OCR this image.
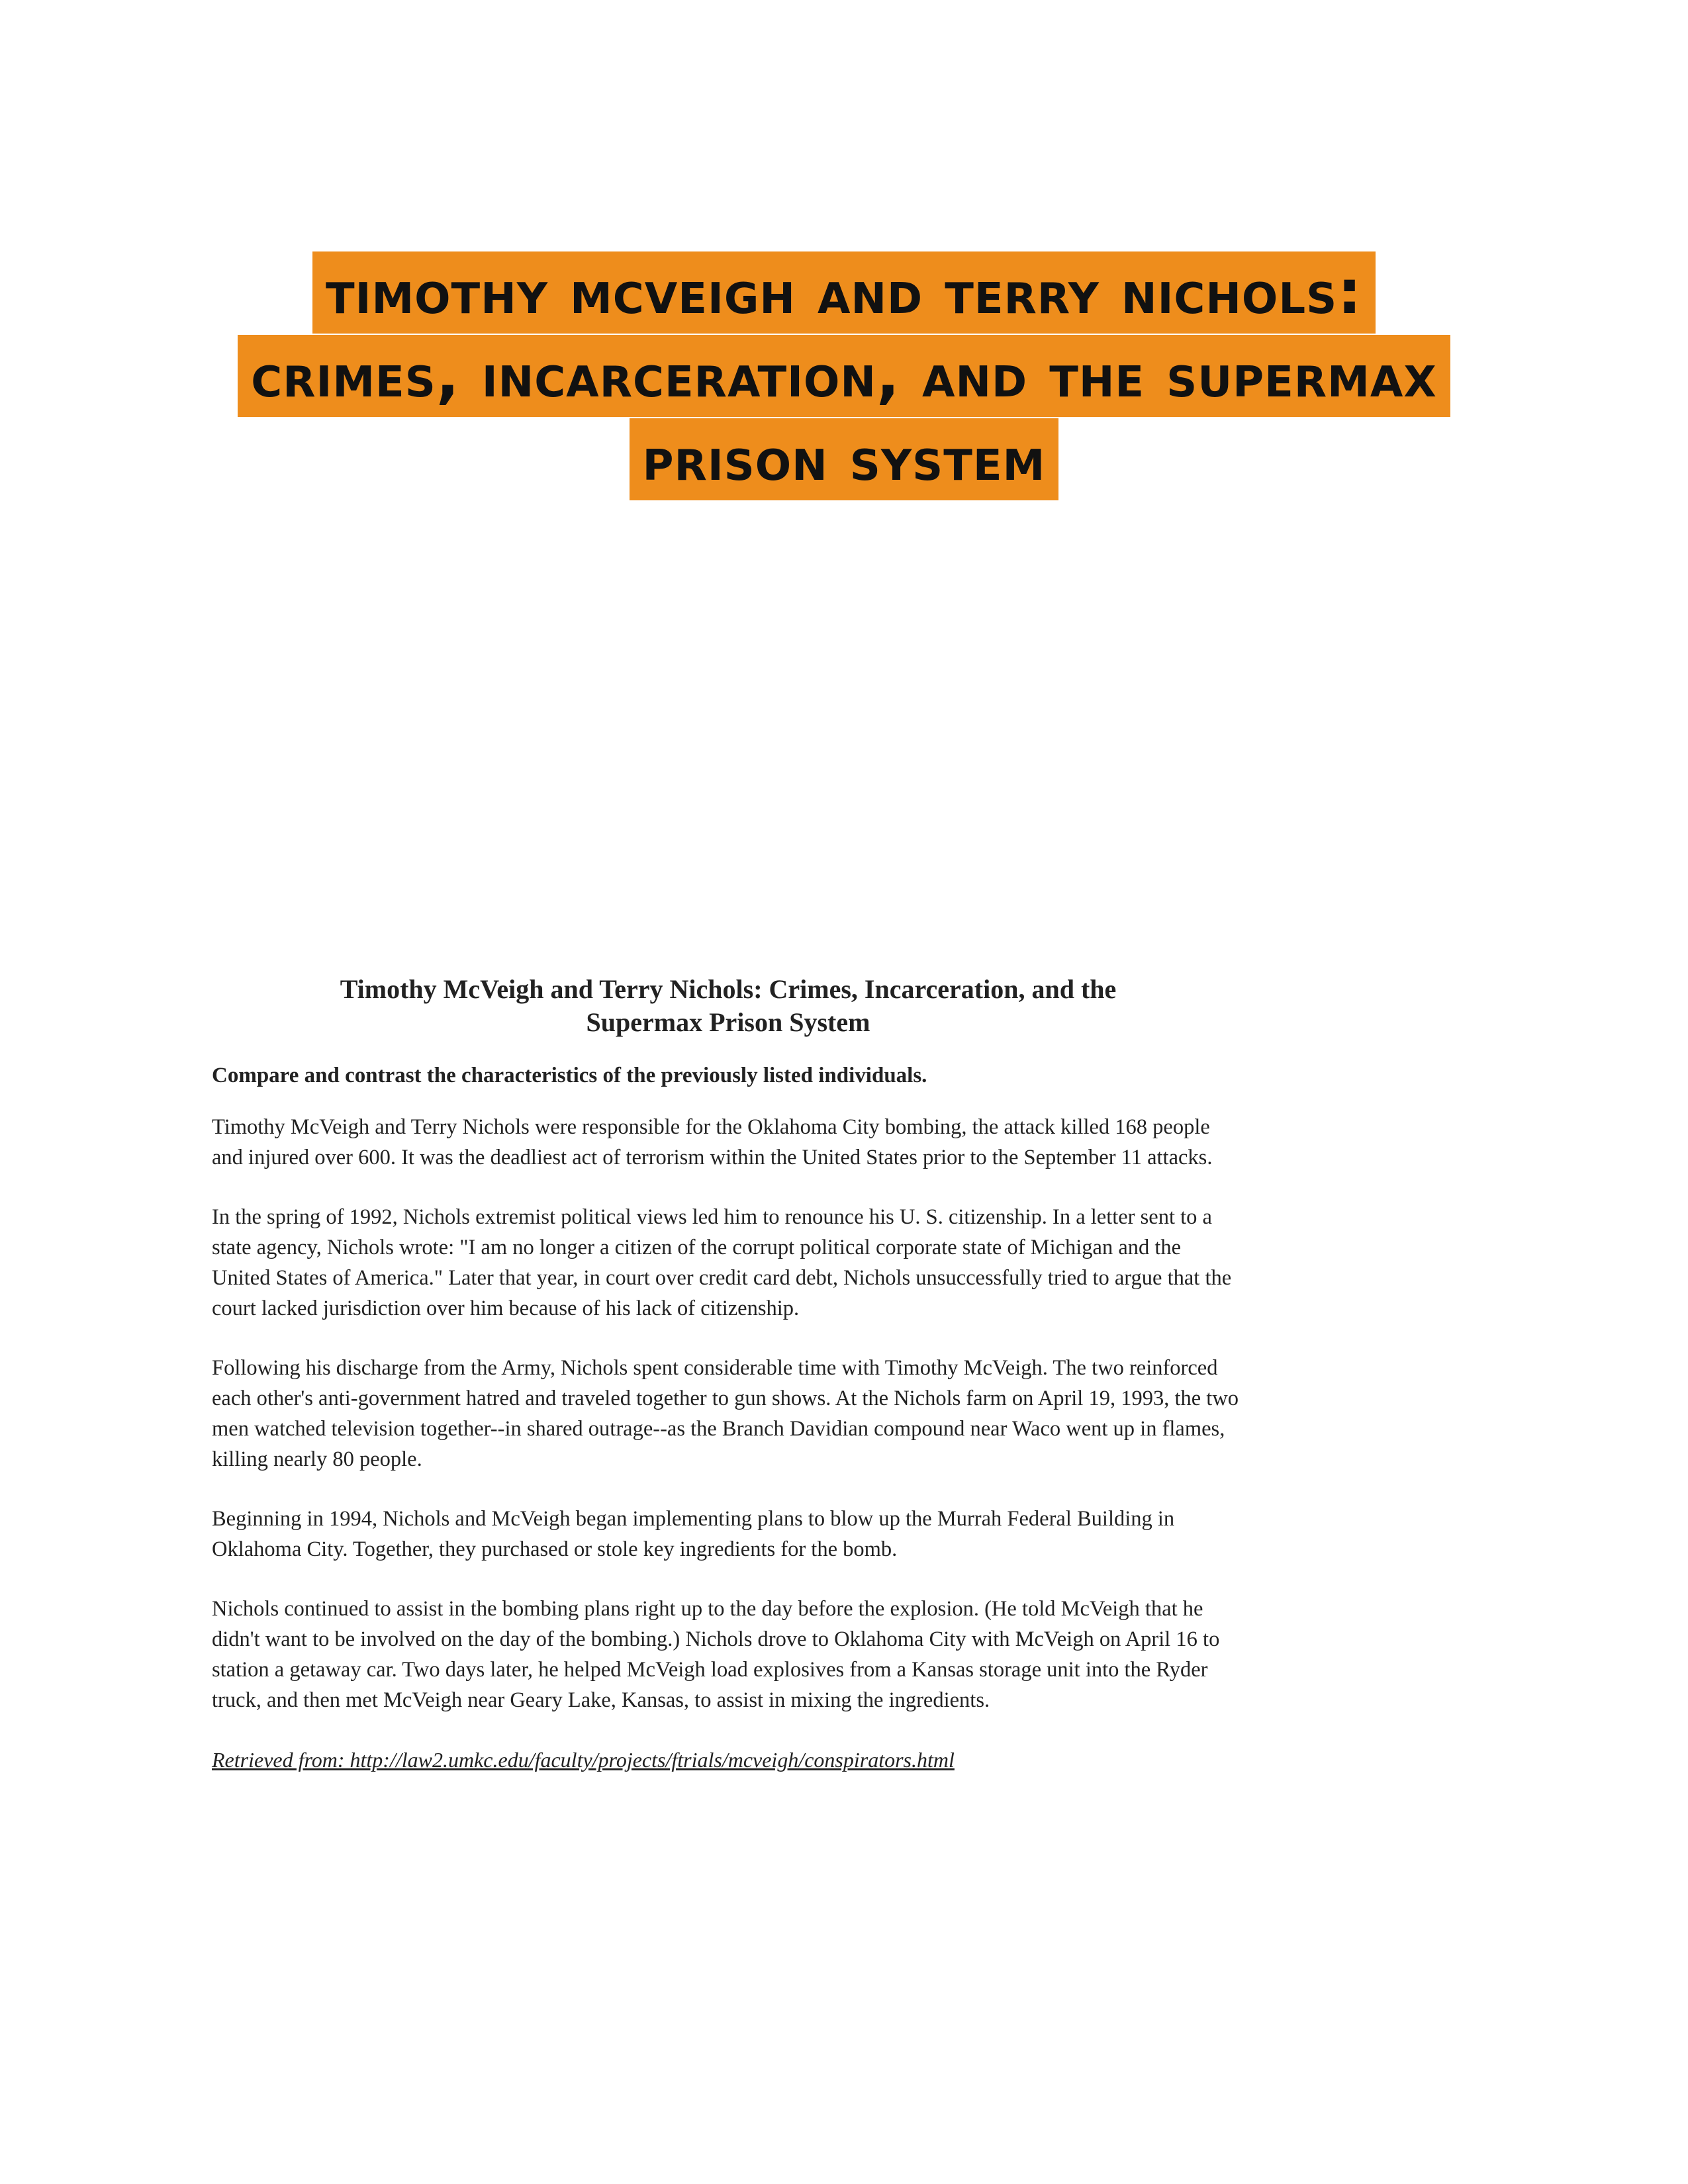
timothy mcveigh and terry nichols:
crimes, incarceration, and the supermax
prison system
Timothy McVeigh and Terry Nichols: Crimes, Incarceration, and the
Supermax Prison System
Compare and contrast the characteristics of the previously listed individuals.

Timothy McVeigh and Terry Nichols were responsible for the Oklahoma City bombing, the attack killed 168 people and injured over 600. It was the deadliest act of terrorism within the United States prior to the September 11 attacks.

In the spring of 1992, Nichols extremist political views led him to renounce his U. S. citizenship. In a letter sent to a state agency, Nichols wrote: "I am no longer a citizen of the corrupt political corporate state of Michigan and the United States of America." Later that year, in court over credit card debt, Nichols unsuccessfully tried to argue that the court lacked jurisdiction over him because of his lack of citizenship.

Following his discharge from the Army, Nichols spent considerable time with Timothy McVeigh. The two reinforced each other's anti-government hatred and traveled together to gun shows. At the Nichols farm on April 19, 1993, the two men watched television together--in shared outrage--as the Branch Davidian compound near Waco went up in flames, killing nearly 80 people.

Beginning in 1994, Nichols and McVeigh began implementing plans to blow up the Murrah Federal Building in Oklahoma City. Together, they purchased or stole key ingredients for the bomb.

Nichols continued to assist in the bombing plans right up to the day before the explosion. (He told McVeigh that he didn't want to be involved on the day of the bombing.) Nichols drove to Oklahoma City with McVeigh on April 16 to station a getaway car. Two days later, he helped McVeigh load explosives from a Kansas storage unit into the Ryder truck, and then met McVeigh near Geary Lake, Kansas, to assist in mixing the ingredients.

Retrieved from: http://law2.umkc.edu/faculty/projects/ftrials/mcveigh/conspirators.html
